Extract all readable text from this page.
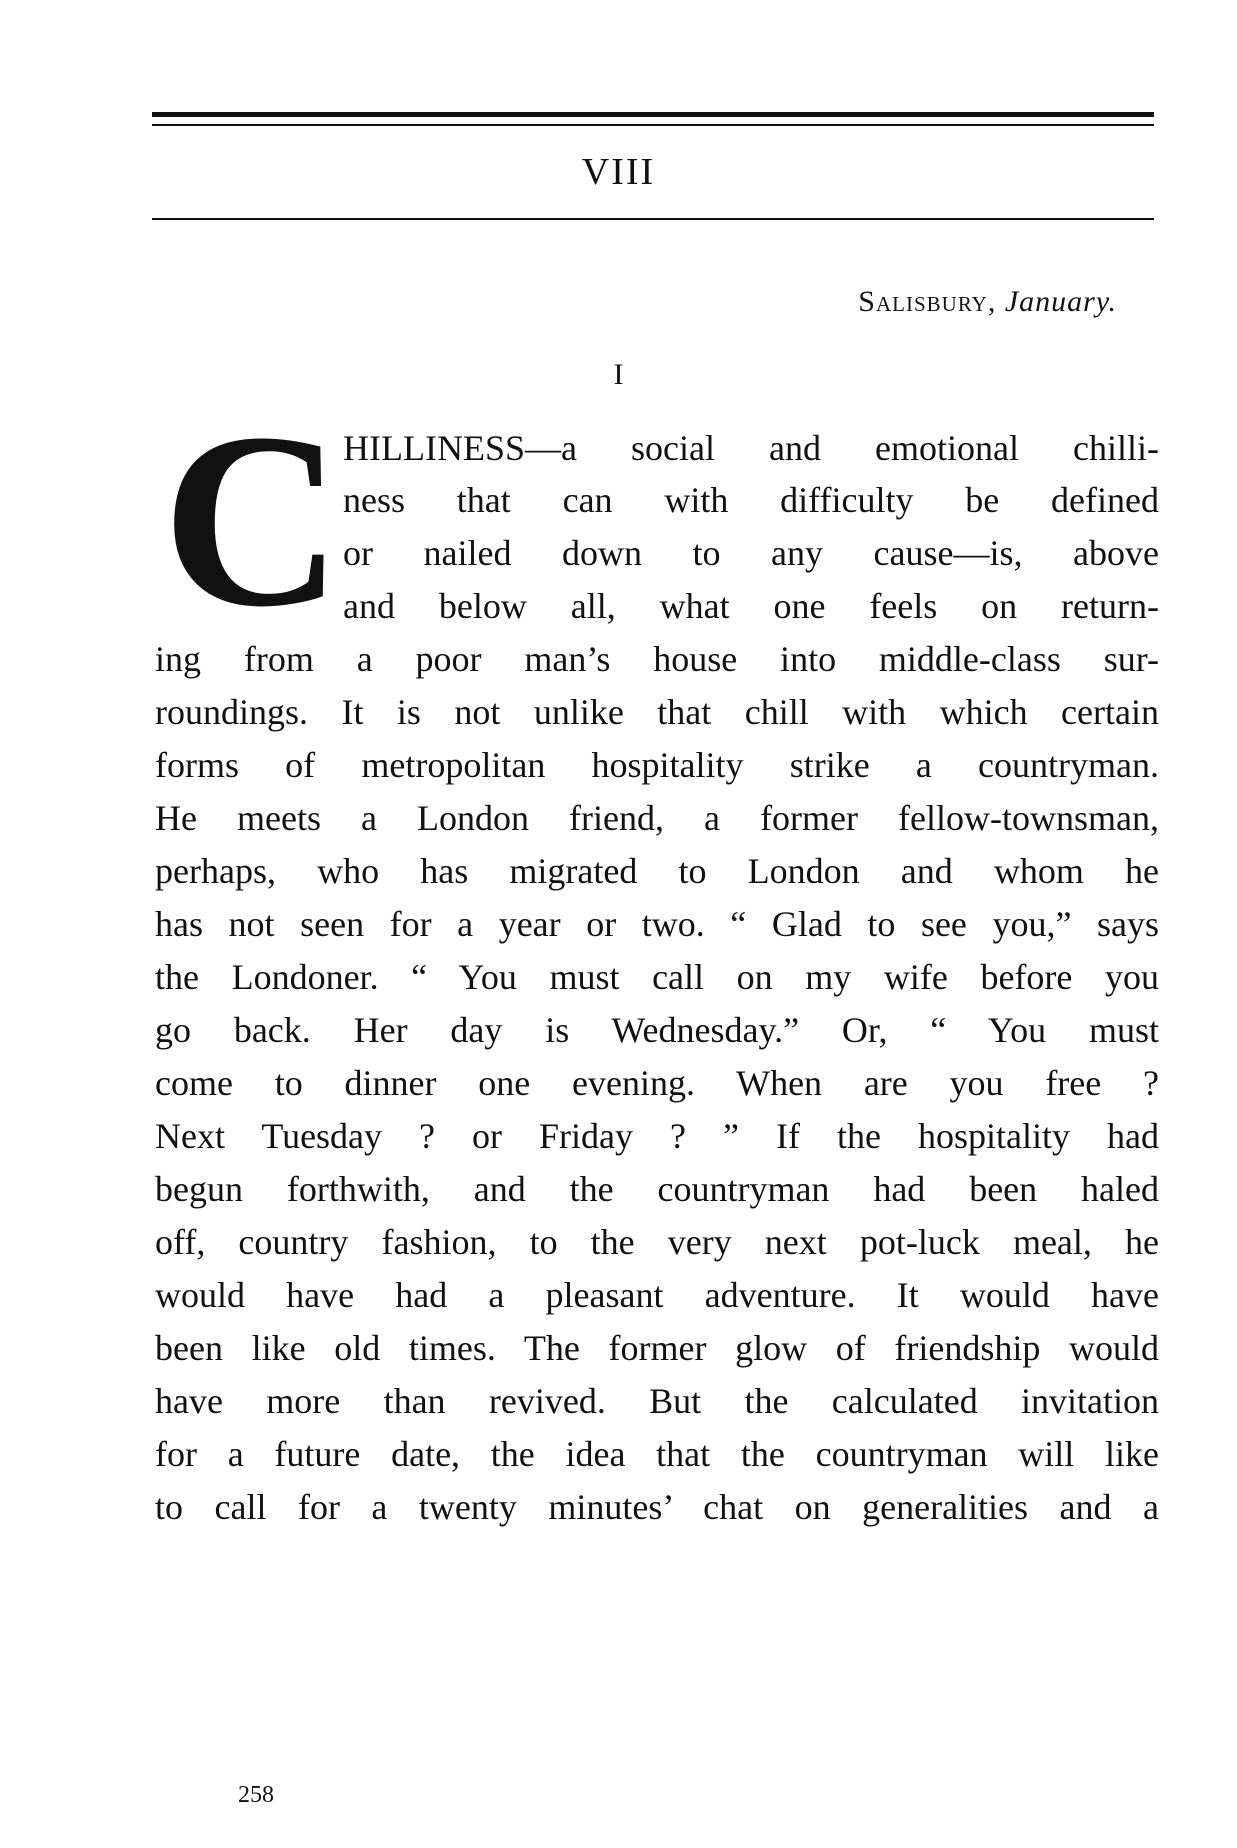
VIII
Salisbury, January.
I
C HILLINESS—a social and emotional chilli-
ness that can with difficulty be defined
or nailed down to any cause—is, above
and below all, what one feels on return-
ing from a poor man’s house into middle-class sur-
roundings. It is not unlike that chill with which certain
forms of metropolitan hospitality strike a countryman.
He meets a London friend, a former fellow-townsman,
perhaps, who has migrated to London and whom he
has not seen for a year or two. “ Glad to see you,” says
the Londoner. “ You must call on my wife before you
go back. Her day is Wednesday.” Or, “ You must
come to dinner one evening. When are you free ?
Next Tuesday ? or Friday ? ” If the hospitality had
begun forthwith, and the countryman had been haled
off, country fashion, to the very next pot-luck meal, he
would have had a pleasant adventure. It would have
been like old times. The former glow of friendship would
have more than revived. But the calculated invitation
for a future date, the idea that the countryman will like
to call for a twenty minutes’ chat on generalities and a
258
